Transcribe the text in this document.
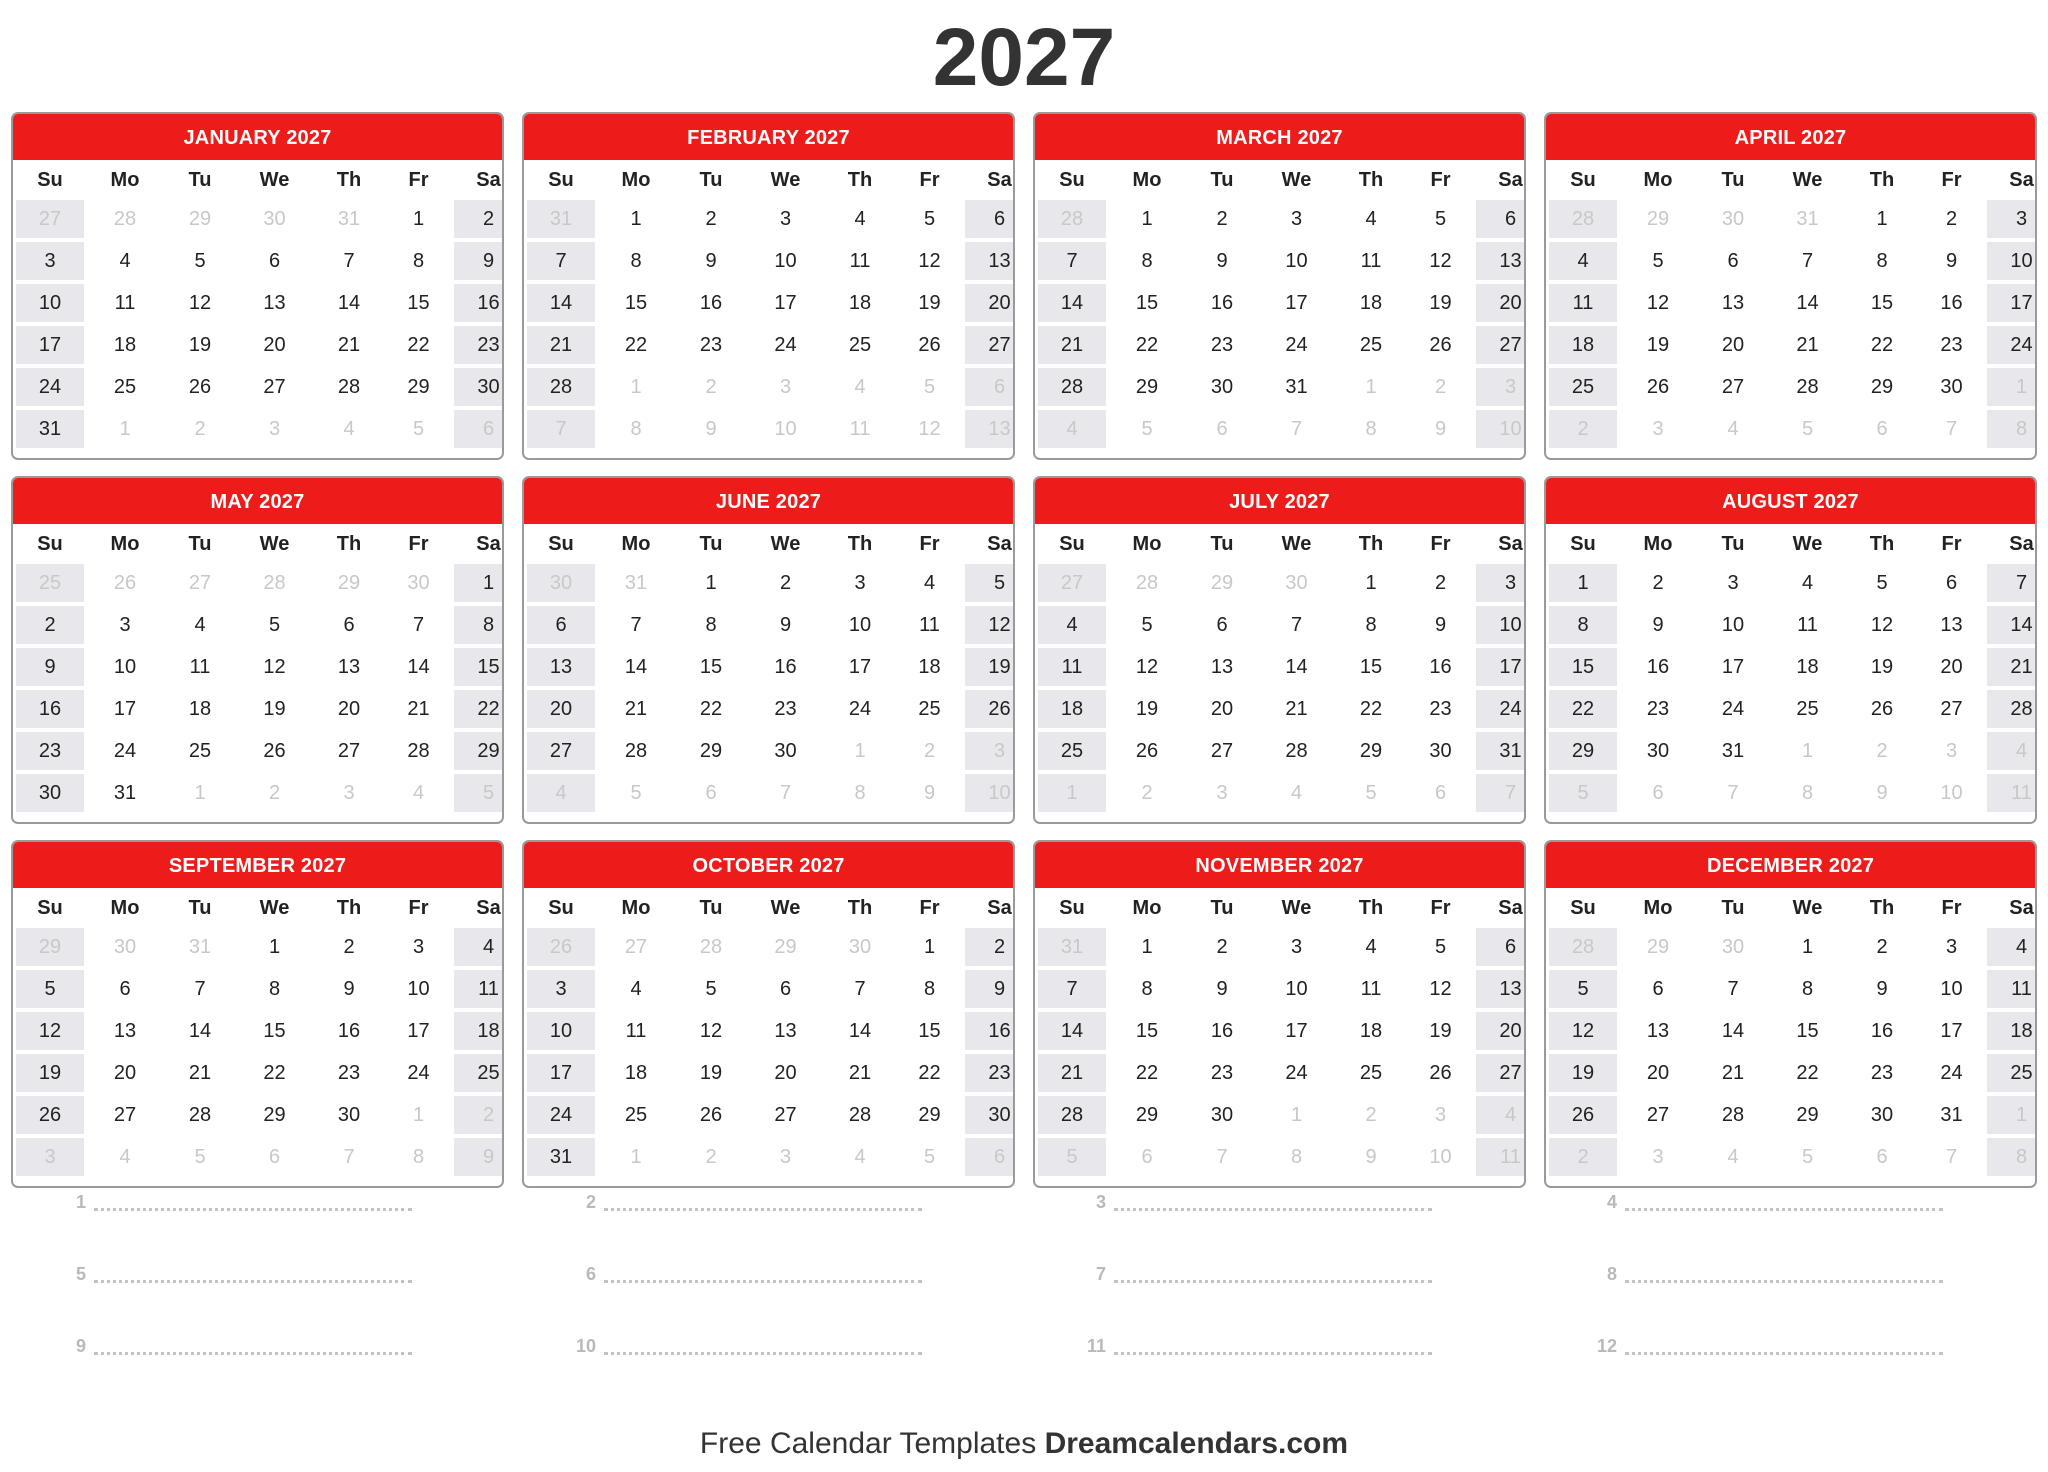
2027
JANUARY 2027
Su	Mo	Tu	We	Th	Fr	Sa
27	28	29	30	31	1	2
3	4	5	6	7	8	9
10	11	12	13	14	15	16
17	18	19	20	21	22	23
24	25	26	27	28	29	30
31	1	2	3	4	5	6
FEBRUARY 2027
Su	Mo	Tu	We	Th	Fr	Sa
31	1	2	3	4	5	6
7	8	9	10	11	12	13
14	15	16	17	18	19	20
21	22	23	24	25	26	27
28	1	2	3	4	5	6
7	8	9	10	11	12	13
MARCH 2027
Su	Mo	Tu	We	Th	Fr	Sa
28	1	2	3	4	5	6
7	8	9	10	11	12	13
14	15	16	17	18	19	20
21	22	23	24	25	26	27
28	29	30	31	1	2	3
4	5	6	7	8	9	10
APRIL 2027
Su	Mo	Tu	We	Th	Fr	Sa
28	29	30	31	1	2	3
4	5	6	7	8	9	10
11	12	13	14	15	16	17
18	19	20	21	22	23	24
25	26	27	28	29	30	1
2	3	4	5	6	7	8
MAY 2027
Su	Mo	Tu	We	Th	Fr	Sa
25	26	27	28	29	30	1
2	3	4	5	6	7	8
9	10	11	12	13	14	15
16	17	18	19	20	21	22
23	24	25	26	27	28	29
30	31	1	2	3	4	5
JUNE 2027
Su	Mo	Tu	We	Th	Fr	Sa
30	31	1	2	3	4	5
6	7	8	9	10	11	12
13	14	15	16	17	18	19
20	21	22	23	24	25	26
27	28	29	30	1	2	3
4	5	6	7	8	9	10
JULY 2027
Su	Mo	Tu	We	Th	Fr	Sa
27	28	29	30	1	2	3
4	5	6	7	8	9	10
11	12	13	14	15	16	17
18	19	20	21	22	23	24
25	26	27	28	29	30	31
1	2	3	4	5	6	7
AUGUST 2027
Su	Mo	Tu	We	Th	Fr	Sa
1	2	3	4	5	6	7
8	9	10	11	12	13	14
15	16	17	18	19	20	21
22	23	24	25	26	27	28
29	30	31	1	2	3	4
5	6	7	8	9	10	11
SEPTEMBER 2027
Su	Mo	Tu	We	Th	Fr	Sa
29	30	31	1	2	3	4
5	6	7	8	9	10	11
12	13	14	15	16	17	18
19	20	21	22	23	24	25
26	27	28	29	30	1	2
3	4	5	6	7	8	9
OCTOBER 2027
Su	Mo	Tu	We	Th	Fr	Sa
26	27	28	29	30	1	2
3	4	5	6	7	8	9
10	11	12	13	14	15	16
17	18	19	20	21	22	23
24	25	26	27	28	29	30
31	1	2	3	4	5	6
NOVEMBER 2027
Su	Mo	Tu	We	Th	Fr	Sa
31	1	2	3	4	5	6
7	8	9	10	11	12	13
14	15	16	17	18	19	20
21	22	23	24	25	26	27
28	29	30	1	2	3	4
5	6	7	8	9	10	11
DECEMBER 2027
Su	Mo	Tu	We	Th	Fr	Sa
28	29	30	1	2	3	4
5	6	7	8	9	10	11
12	13	14	15	16	17	18
19	20	21	22	23	24	25
26	27	28	29	30	31	1
2	3	4	5	6	7	8
1	2	3	4
5	6	7	8
9	10	11	12
Free Calendar Templates Dreamcalendars.com
